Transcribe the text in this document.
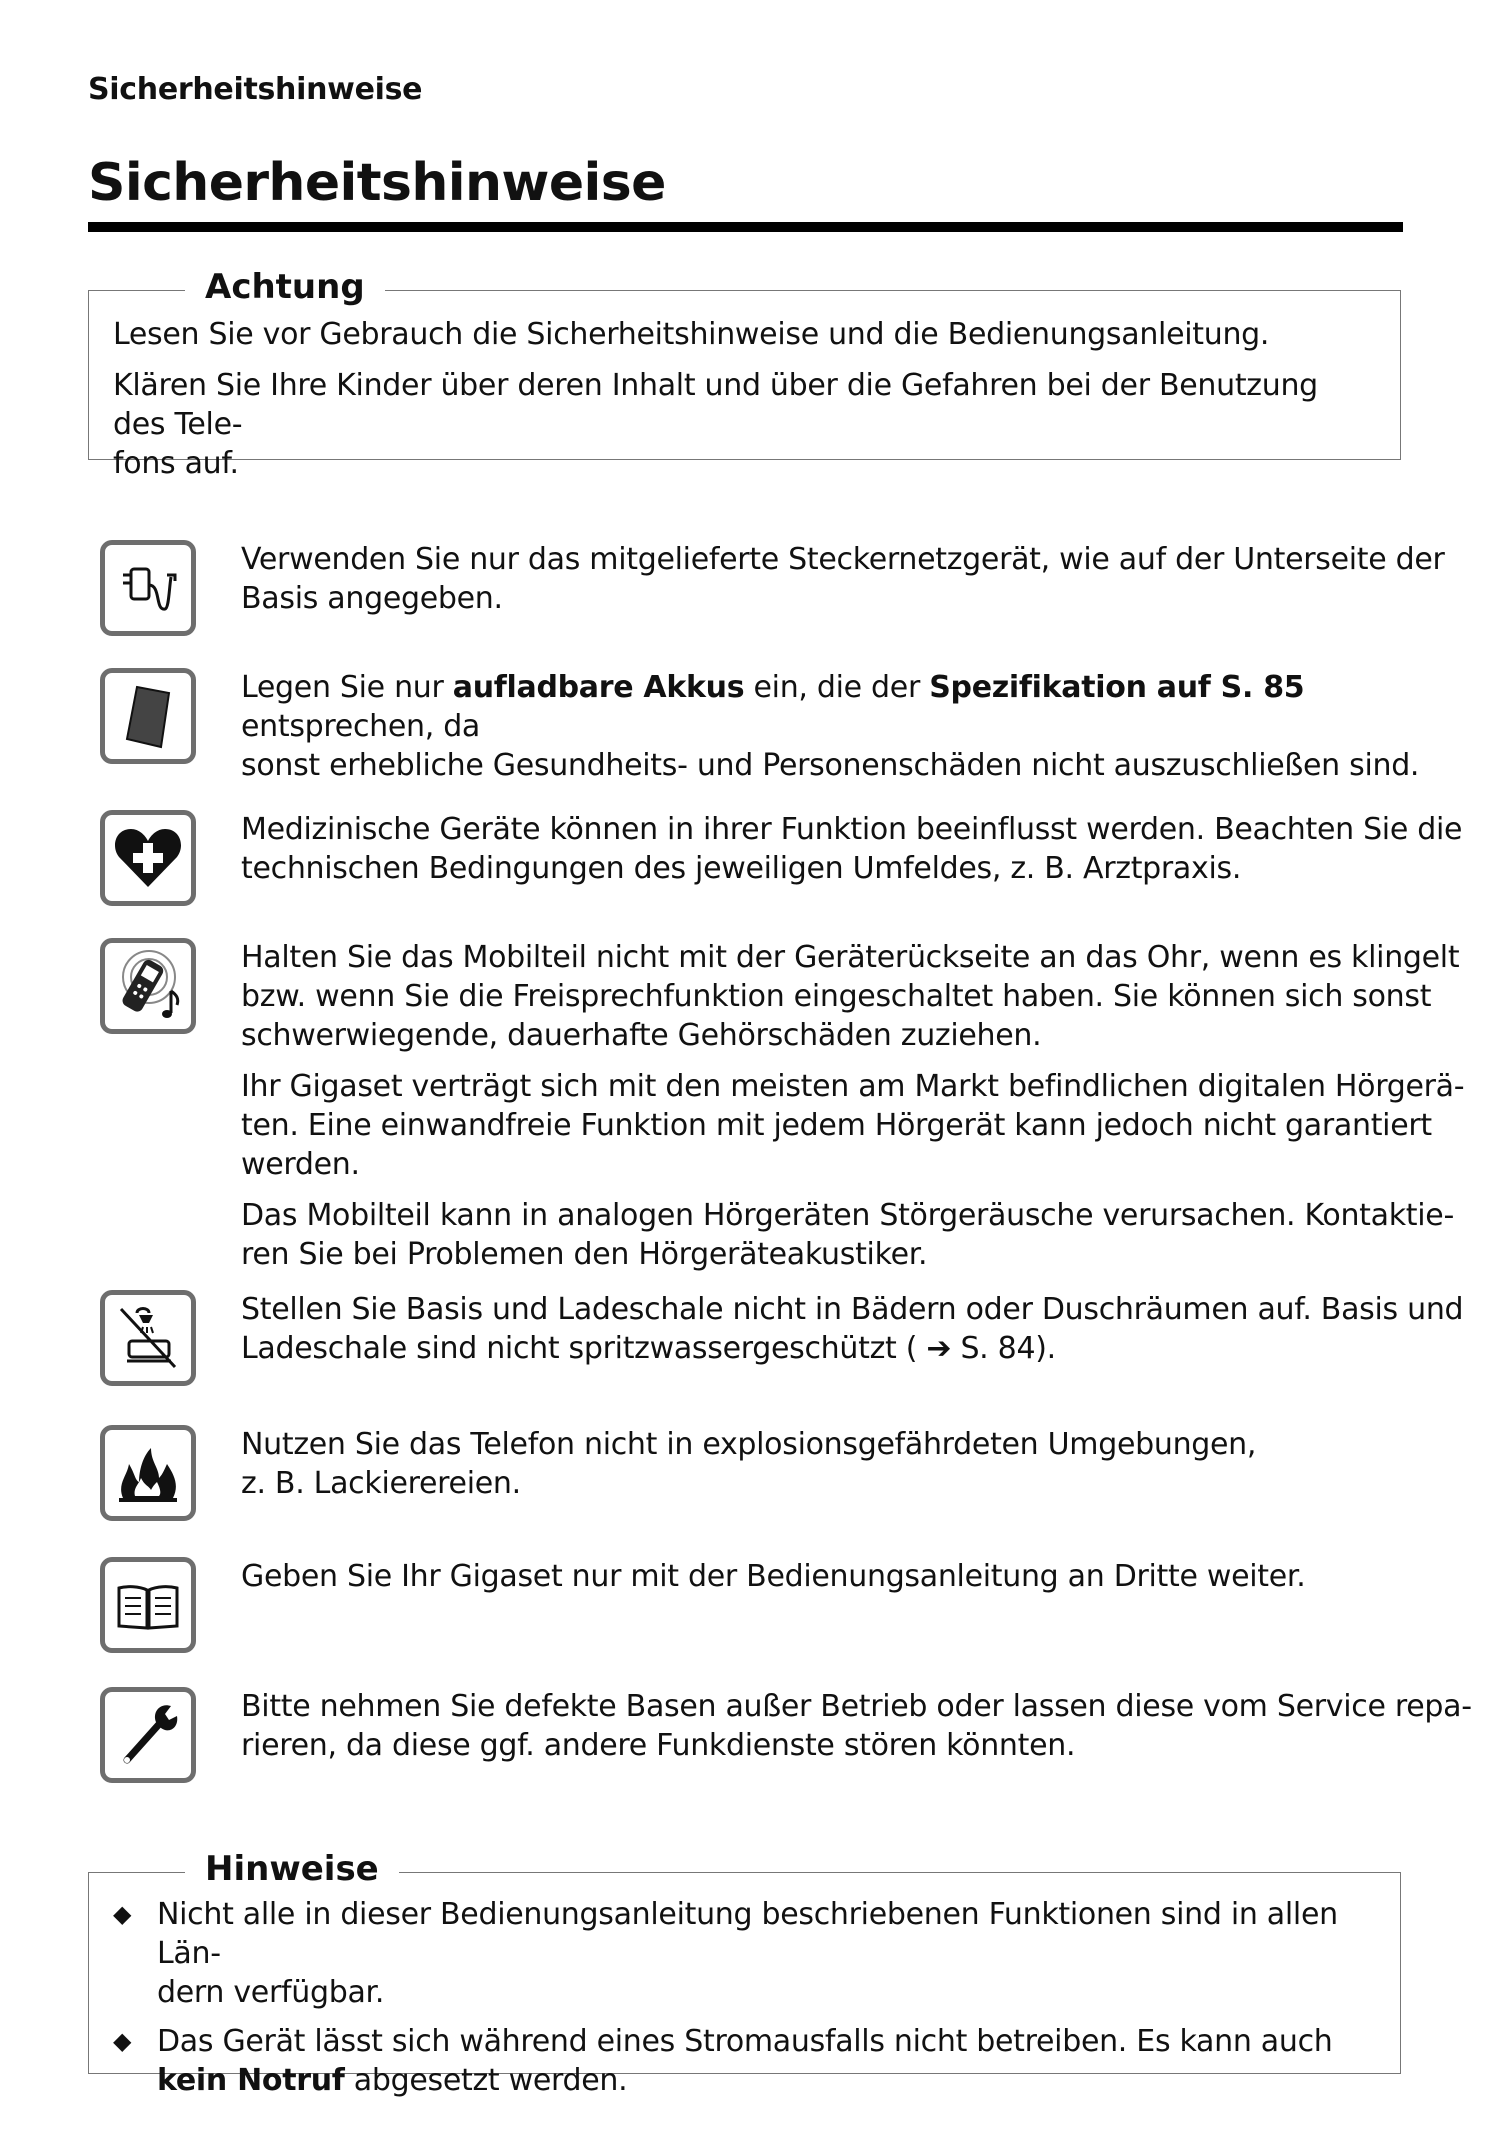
Sicherheitshinweise
Sicherheitshinweise
Achtung

Lesen Sie vor Gebrauch die Sicherheitshinweise und die Bedienungsanleitung.

Klären Sie Ihre Kinder über deren Inhalt und über die Gefahren bei der Benutzung des Tele-
fons auf.

Verwenden Sie nur das mitgelieferte Steckernetzgerät, wie auf der Unterseite der
Basis angegeben.

Legen Sie nur aufladbare Akkus ein, die der Spezifikation auf S. 85 entsprechen, da
sonst erhebliche Gesundheits- und Personenschäden nicht auszuschließen sind.

Medizinische Geräte können in ihrer Funktion beeinflusst werden. Beachten Sie die
technischen Bedingungen des jeweiligen Umfeldes, z. B. Arztpraxis.

Halten Sie das Mobilteil nicht mit der Geräterückseite an das Ohr, wenn es klingelt
bzw. wenn Sie die Freisprechfunktion eingeschaltet haben. Sie können sich sonst
schwerwiegende, dauerhafte Gehörschäden zuziehen.

Ihr Gigaset verträgt sich mit den meisten am Markt befindlichen digitalen Hörgerä-
ten. Eine einwandfreie Funktion mit jedem Hörgerät kann jedoch nicht garantiert
werden.

Das Mobilteil kann in analogen Hörgeräten Störgeräusche verursachen. Kontaktie-
ren Sie bei Problemen den Hörgeräteakustiker.

Stellen Sie Basis und Ladeschale nicht in Bädern oder Duschräumen auf. Basis und
Ladeschale sind nicht spritzwassergeschützt ( ➔ S. 84).

Nutzen Sie das Telefon nicht in explosionsgefährdeten Umgebungen,
z. B. Lackierereien.

Geben Sie Ihr Gigaset nur mit der Bedienungsanleitung an Dritte weiter.

Bitte nehmen Sie defekte Basen außer Betrieb oder lassen diese vom Service repa-
rieren, da diese ggf. andere Funkdienste stören könnten.

Hinweise
◆ Nicht alle in dieser Bedienungsanleitung beschriebenen Funktionen sind in allen Län-
dern verfügbar.
◆ Das Gerät lässt sich während eines Stromausfalls nicht betreiben. Es kann auch
kein Notruf abgesetzt werden.
